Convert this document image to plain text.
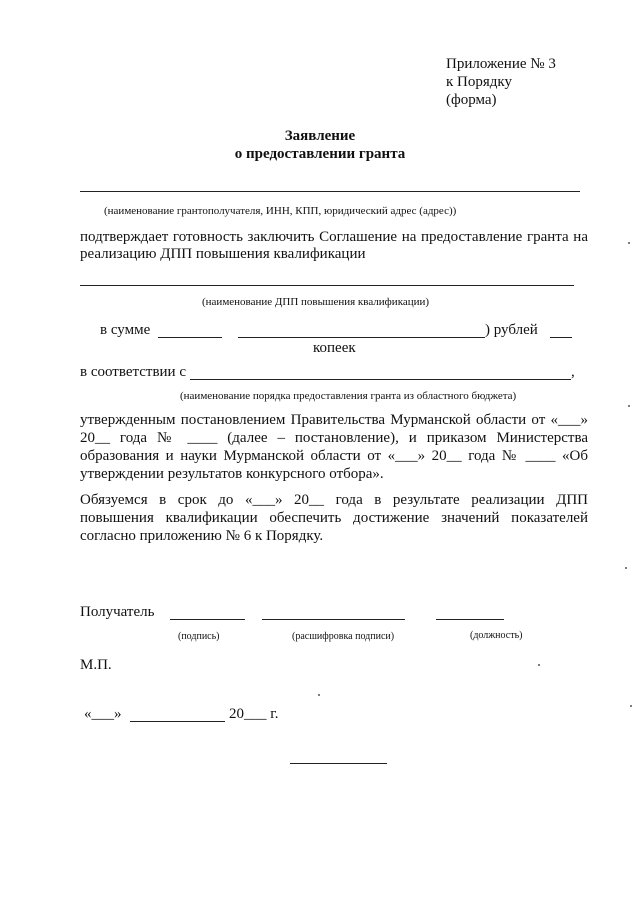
Приложение № 3
к Порядку
(форма)
Заявление
о предоставлении гранта
(наименование грантополучателя, ИНН, КПП, юридический адрес (адрес))
подтверждает готовность заключить Соглашение на предоставление гранта на
реализацию ДПП повышения квалификации
(наименование ДПП повышения квалификации)
в сумме	) рублей
копеек
в соответствии с	,
(наименование порядка предоставления гранта из областного бюджета)
утвержденным постановлением Правительства Мурманской области от «___»
20__ года № ____ (далее – постановление), и приказом Министерства
образования и науки Мурманской области от «___» 20__ года № ____ «Об
утверждении результатов конкурсного отбора».
Обязуемся в срок до «___» 20__ года в результате реализации ДПП
повышения квалификации обеспечить достижение значений показателей
согласно приложению № 6 к Порядку.
Получатель
(подпись)	(расшифровка подписи)	(должность)
М.П.
«___»	20___ г.
